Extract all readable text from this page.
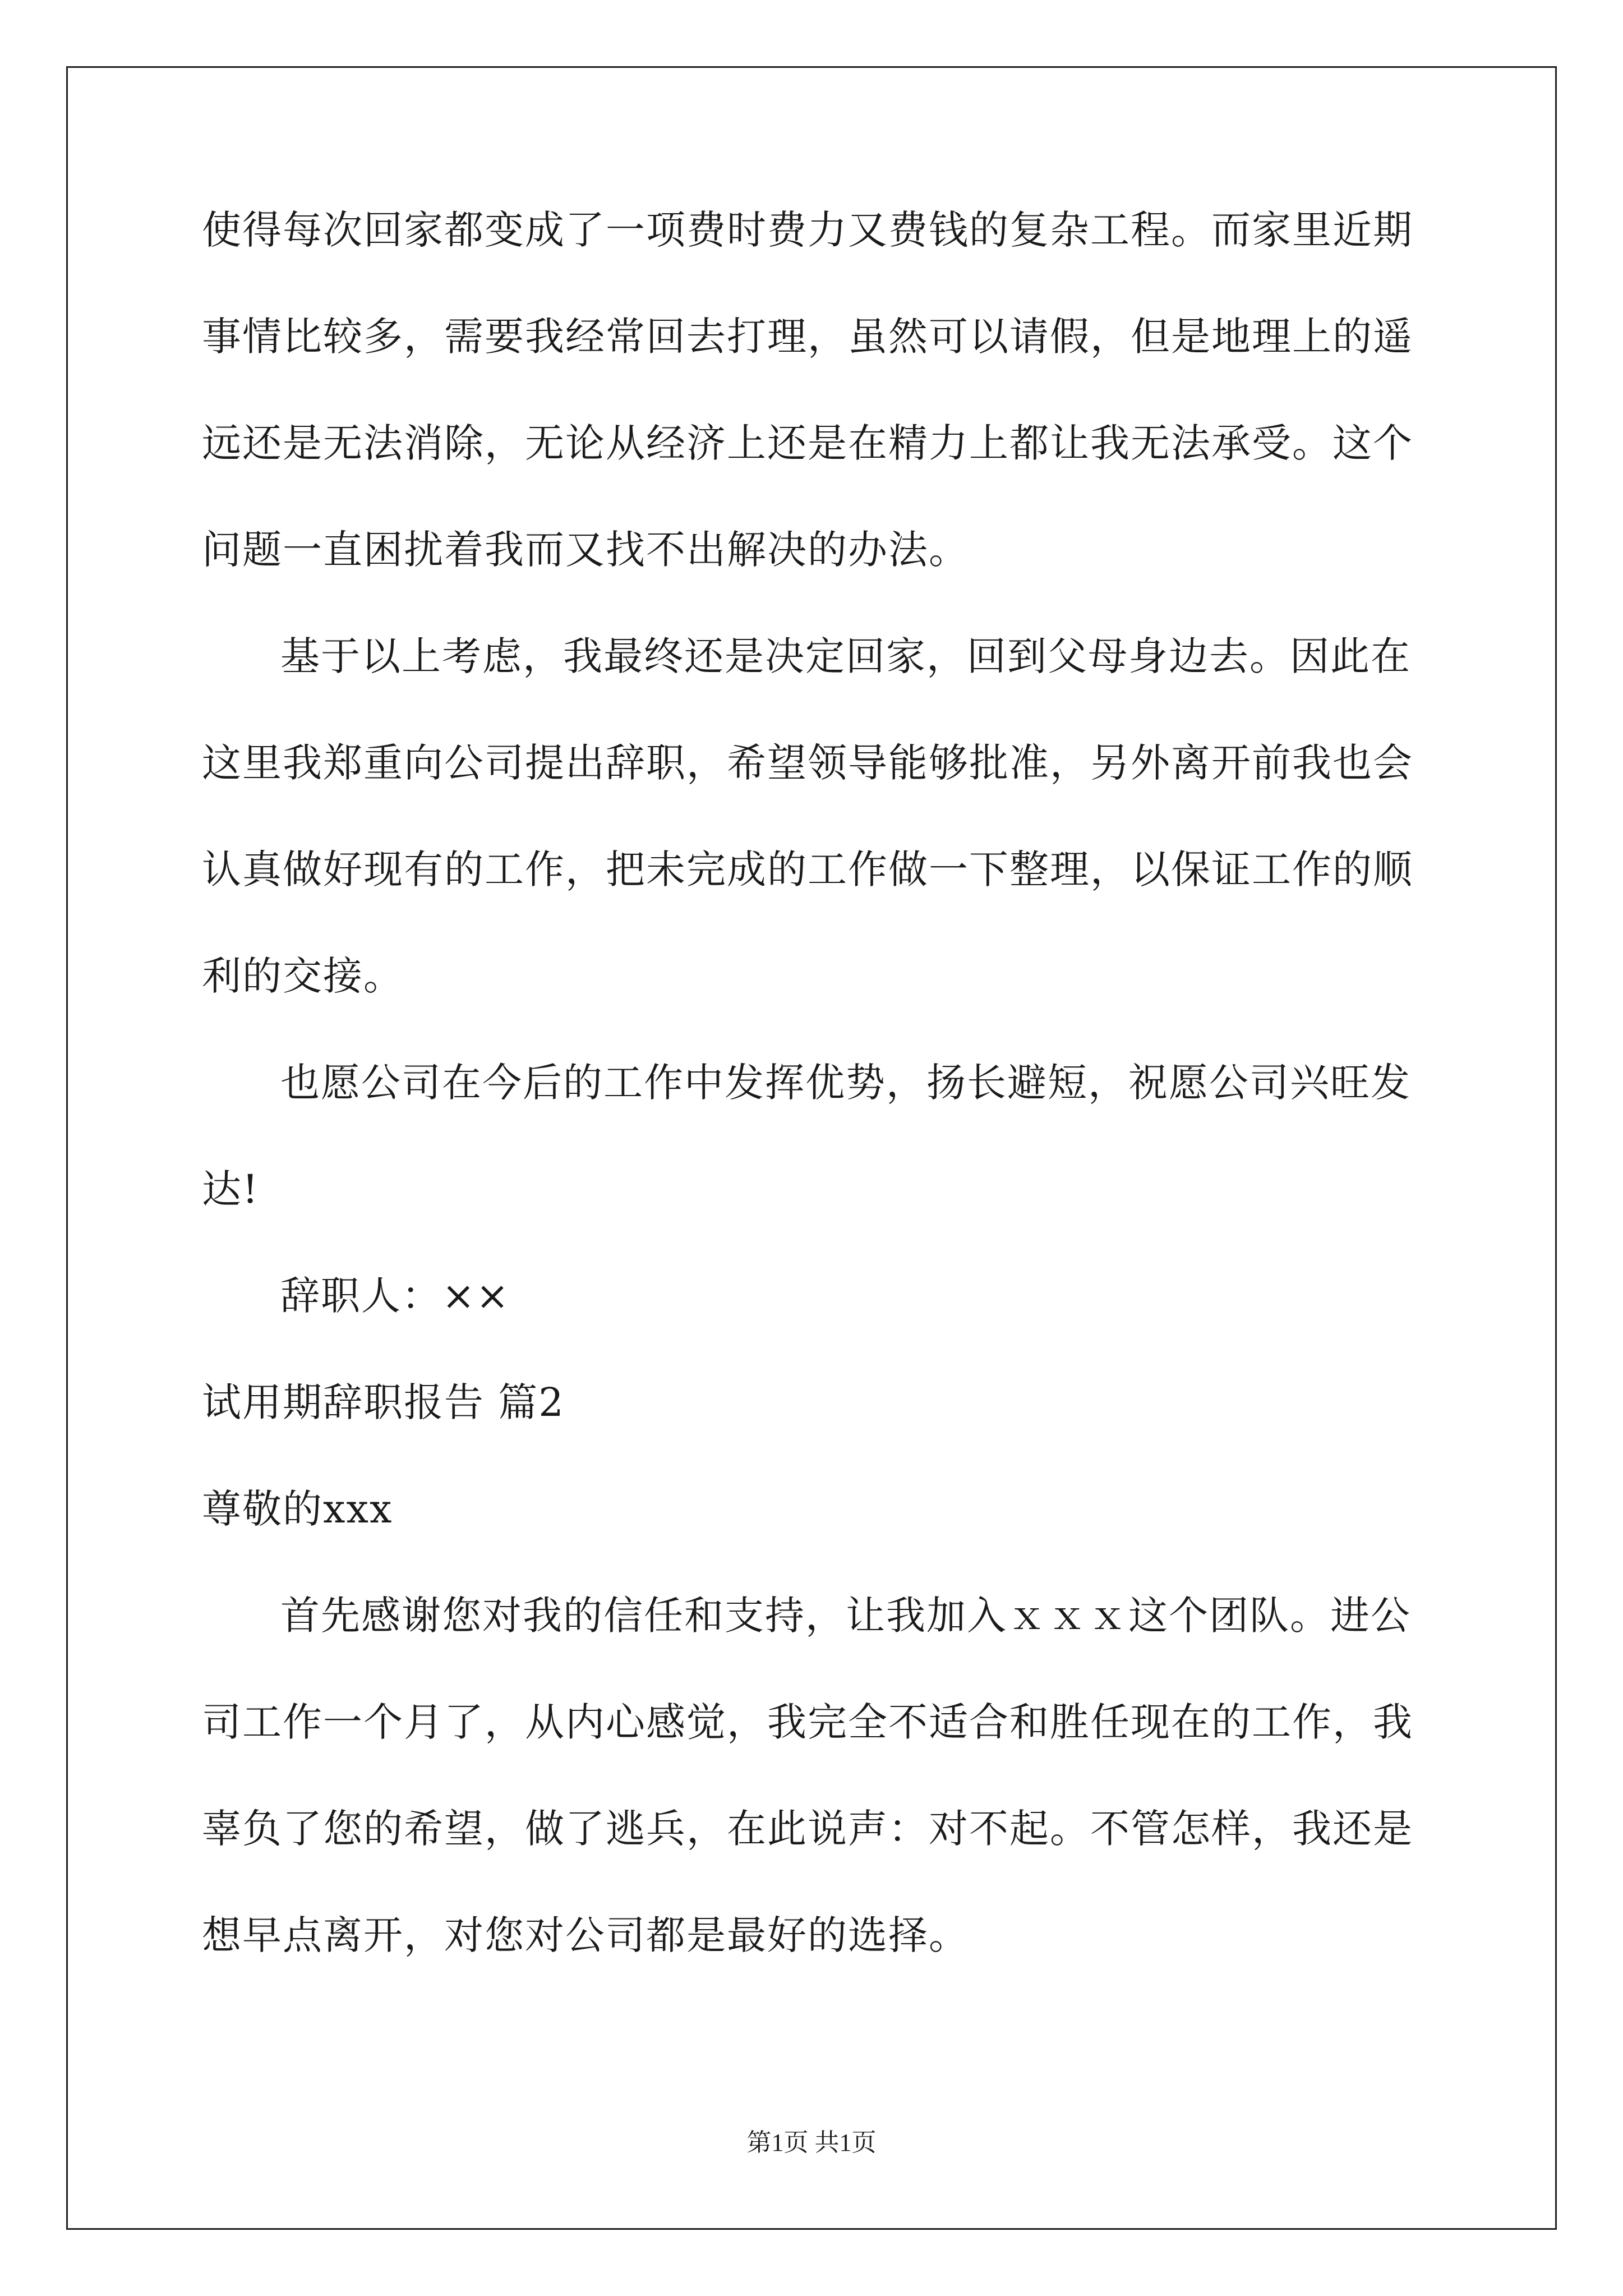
使得每次回家都变成了一项费时费力又费钱的复杂工程。而家里近期
事情比较多，需要我经常回去打理，虽然可以请假，但是地理上的遥
远还是无法消除，无论从经济上还是在精力上都让我无法承受。这个
问题一直困扰着我而又找不出解决的办法。
基于以上考虑，我最终还是决定回家，回到父母身边去。因此在
这里我郑重向公司提出辞职，希望领导能够批准，另外离开前我也会
认真做好现有的工作，把未完成的工作做一下整理，以保证工作的顺
利的交接。
也愿公司在今后的工作中发挥优势，扬长避短，祝愿公司兴旺发
达!
辞职人：××
试用期辞职报告 篇2
尊敬的xxx
首先感谢您对我的信任和支持，让我加入ｘｘｘ这个团队。进公
司工作一个月了，从内心感觉，我完全不适合和胜任现在的工作，我
辜负了您的希望，做了逃兵，在此说声：对不起。不管怎样，我还是
想早点离开，对您对公司都是最好的选择。
第1页 共1页
